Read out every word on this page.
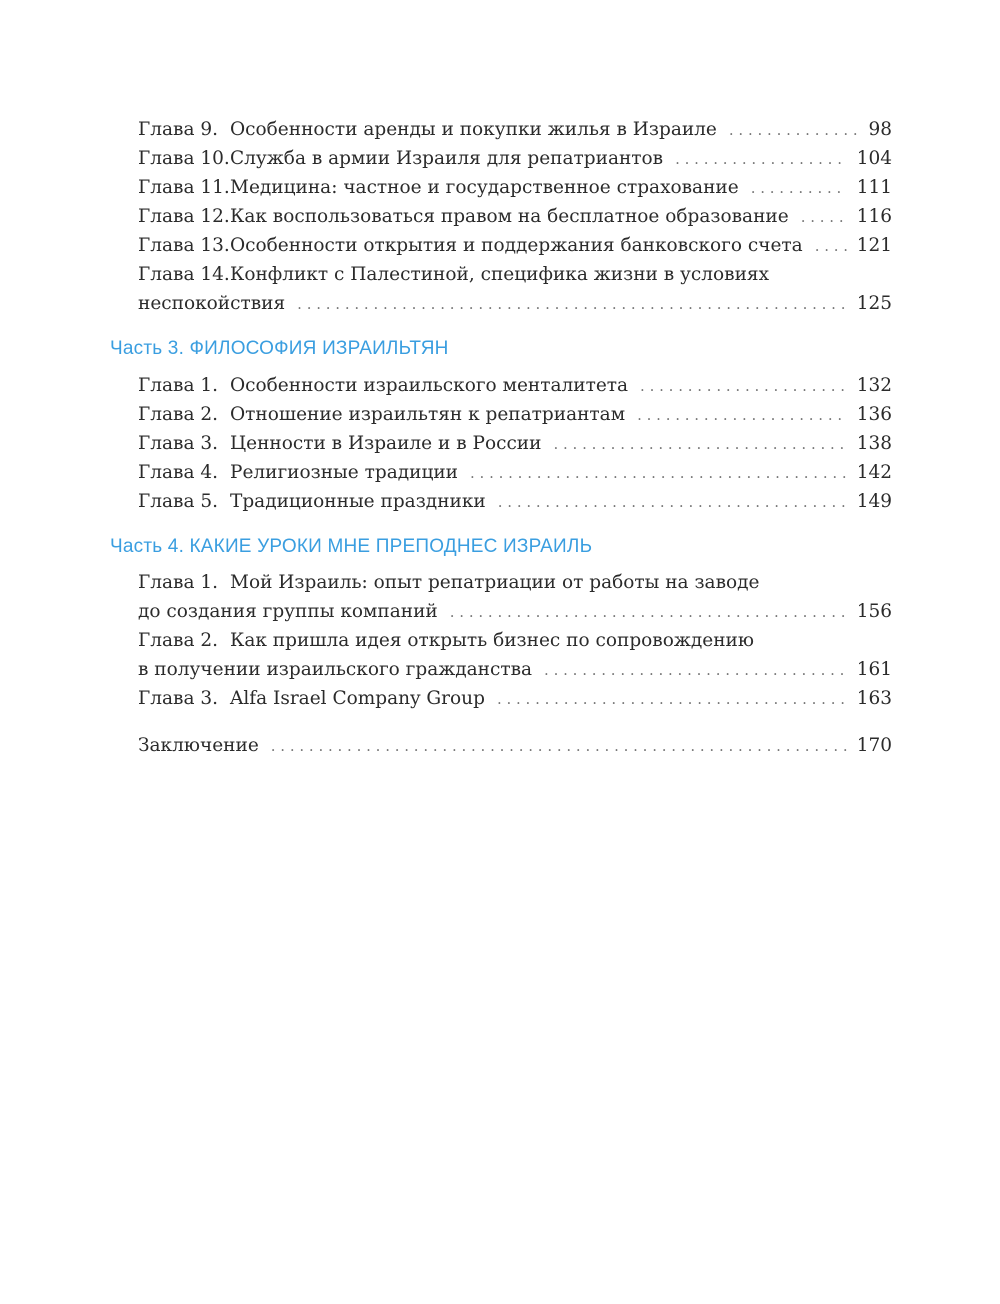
Глава 9. Особенности аренды и покупки жилья в Израиле . . .	98
Глава 10. Служба в армии Израиля для репатриантов . . .	104
Глава 11. Медицина: частное и государственное страхование . . .	111
Глава 12. Как воспользоваться правом на бесплатное образование . . .	116
Глава 13. Особенности открытия и поддержания банковского счета . . .	121
Глава 14. Конфликт с Палестиной, специфика жизни в условиях
неспокойствия . . .	125
Часть 3. ФИЛОСОФИЯ ИЗРАИЛЬТЯН
Глава 1. Особенности израильского менталитета . . .	132
Глава 2. Отношение израильтян к репатриантам . . .	136
Глава 3. Ценности в Израиле и в России . . .	138
Глава 4. Религиозные традиции . . .	142
Глава 5. Традиционные праздники . . .	149
Часть 4. КАКИЕ УРОКИ МНЕ ПРЕПОДНЕС ИЗРАИЛЬ
Глава 1. Мой Израиль: опыт репатриации от работы на заводе
до создания группы компаний . . .	156
Глава 2. Как пришла идея открыть бизнес по сопровождению
в получении израильского гражданства . . .	161
Глава 3. Alfa Israel Company Group . . .	163
Заключение . . .	170
